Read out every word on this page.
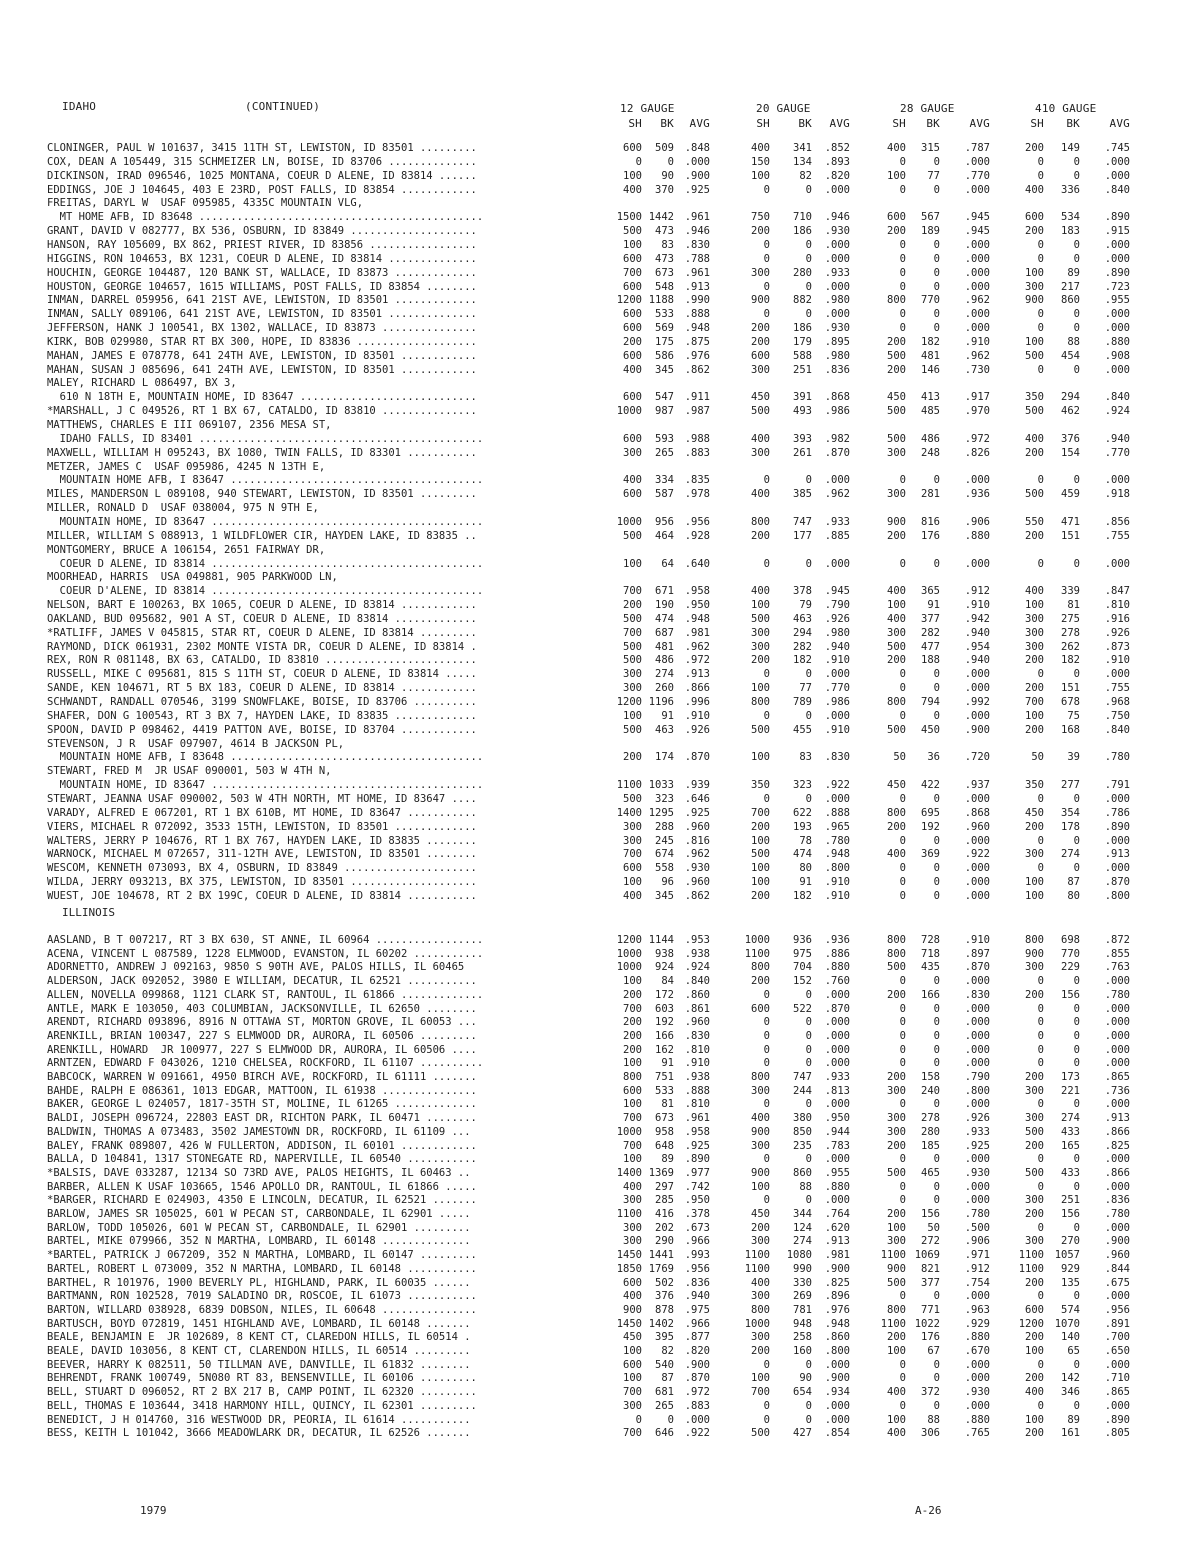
IDAHO	(CONTINUED)	12 GAUGE	20 GAUGE	28 GAUGE	410 GAUGE
SH	BK	AVG	SH	BK	AVG	SH	BK	AVG	SH	BK	AVG
CLONINGER, PAUL W 101637, 3415 11TH ST, LEWISTON, ID 83501 .........	600	509	.848	400	341	.852	400	315	.787	200	149	.745
COX, DEAN A 105449, 315 SCHMEIZER LN, BOISE, ID 83706 ..............	0	0	.000	150	134	.893	0	0	.000	0	0	.000
DICKINSON, IRAD 096546, 1025 MONTANA, COEUR D ALENE, ID 83814 ......	100	90	.900	100	82	.820	100	77	.770	0	0	.000
EDDINGS, JOE J 104645, 403 E 23RD, POST FALLS, ID 83854 ............	400	370	.925	0	0	.000	0	0	.000	400	336	.840
FREITAS, DARYL W  USAF 095985, 4335C MOUNTAIN VLG,
MT HOME AFB, ID 83648 .............................................	1500 1442	.961	750	710	.946	600	567	.945	600	534	.890
GRANT, DAVID V 082777, BX 536, OSBURN, ID 83849 ....................	500	473	.946	200	186	.930	200	189	.945	200	183	.915
HANSON, RAY 105609, BX 862, PRIEST RIVER, ID 83856 .................	100	83	.830	0	0	.000	0	0	.000	0	0	.000
HIGGINS, RON 104653, BX 1231, COEUR D ALENE, ID 83814 ..............	600	473	.788	0	0	.000	0	0	.000	0	0	.000
HOUCHIN, GEORGE 104487, 120 BANK ST, WALLACE, ID 83873 .............	700	673	.961	300	280	.933	0	0	.000	100	89	.890
HOUSTON, GEORGE 104657, 1615 WILLIAMS, POST FALLS, ID 83854 ........	600	548	.913	0	0	.000	0	0	.000	300	217	.723
INMAN, DARREL 059956, 641 21ST AVE, LEWISTON, ID 83501 .............	1200 1188	.990	900	882	.980	800	770	.962	900	860	.955
INMAN, SALLY 089106, 641 21ST AVE, LEWISTON, ID 83501 ..............	600	533	.888	0	0	.000	0	0	.000	0	0	.000
JEFFERSON, HANK J 100541, BX 1302, WALLACE, ID 83873 ...............	600	569	.948	200	186	.930	0	0	.000	0	0	.000
KIRK, BOB 029980, STAR RT BX 300, HOPE, ID 83836 ...................	200	175	.875	200	179	.895	200	182	.910	100	88	.880
MAHAN, JAMES E 078778, 641 24TH AVE, LEWISTON, ID 83501 ............	600	586	.976	600	588	.980	500	481	.962	500	454	.908
MAHAN, SUSAN J 085696, 641 24TH AVE, LEWISTON, ID 83501 ............	400	345	.862	300	251	.836	200	146	.730	0	0	.000
MALEY, RICHARD L 086497, BX 3,
610 N 18TH E, MOUNTAIN HOME, ID 83647 ............................	600	547	.911	450	391	.868	450	413	.917	350	294	.840
*MARSHALL, J C 049526, RT 1 BX 67, CATALDO, ID 83810 ...............	1000	987	.987	500	493	.986	500	485	.970	500	462	.924
MATTHEWS, CHARLES E III 069107, 2356 MESA ST,
IDAHO FALLS, ID 83401 .............................................	600	593	.988	400	393	.982	500	486	.972	400	376	.940
MAXWELL, WILLIAM H 095243, BX 1080, TWIN FALLS, ID 83301 ...........	300	265	.883	300	261	.870	300	248	.826	200	154	.770
METZER, JAMES C  USAF 095986, 4245 N 13TH E,
MOUNTAIN HOME AFB, I 83647 ........................................	400	334	.835	0	0	.000	0	0	.000	0	0	.000
MILES, MANDERSON L 089108, 940 STEWART, LEWISTON, ID 83501 .........	600	587	.978	400	385	.962	300	281	.936	500	459	.918
MILLER, RONALD D  USAF 038004, 975 N 9TH E,
MOUNTAIN HOME, ID 83647 ...........................................	1000	956	.956	800	747	.933	900	816	.906	550	471	.856
MILLER, WILLIAM S 088913, 1 WILDFLOWER CIR, HAYDEN LAKE, ID 83835 ..	500	464	.928	200	177	.885	200	176	.880	200	151	.755
MONTGOMERY, BRUCE A 106154, 2651 FAIRWAY DR,
COEUR D ALENE, ID 83814 ...........................................	100	64	.640	0	0	.000	0	0	.000	0	0	.000
MOORHEAD, HARRIS  USA 049881, 905 PARKWOOD LN,
COEUR D'ALENE, ID 83814 ...........................................	700	671	.958	400	378	.945	400	365	.912	400	339	.847
NELSON, BART E 100263, BX 1065, COEUR D ALENE, ID 83814 ............	200	190	.950	100	79	.790	100	91	.910	100	81	.810
OAKLAND, BUD 095682, 901 A ST, COEUR D ALENE, ID 83814 .............	500	474	.948	500	463	.926	400	377	.942	300	275	.916
*RATLIFF, JAMES V 045815, STAR RT, COEUR D ALENE, ID 83814 .........	700	687	.981	300	294	.980	300	282	.940	300	278	.926
RAYMOND, DICK 061931, 2302 MONTE VISTA DR, COEUR D ALENE, ID 83814 .	500	481	.962	300	282	.940	500	477	.954	300	262	.873
REX, RON R 081148, BX 63, CATALDO, ID 83810 ........................	500	486	.972	200	182	.910	200	188	.940	200	182	.910
RUSSELL, MIKE C 095681, 815 S 11TH ST, COEUR D ALENE, ID 83814 .....	300	274	.913	0	0	.000	0	0	.000	0	0	.000
SANDE, KEN 104671, RT 5 BX 183, COEUR D ALENE, ID 83814 ............	300	260	.866	100	77	.770	0	0	.000	200	151	.755
SCHWANDT, RANDALL 070546, 3199 SNOWFLAKE, BOISE, ID 83706 ..........	1200 1196	.996	800	789	.986	800	794	.992	700	678	.968
SHAFER, DON G 100543, RT 3 BX 7, HAYDEN LAKE, ID 83835 .............	100	91	.910	0	0	.000	0	0	.000	100	75	.750
SPOON, DAVID P 098462, 4419 PATTON AVE, BOISE, ID 83704 ............	500	463	.926	500	455	.910	500	450	.900	200	168	.840
STEVENSON, J R  USAF 097907, 4614 B JACKSON PL,
MOUNTAIN HOME AFB, I 83648 ........................................	200	174	.870	100	83	.830	50	36	.720	50	39	.780
STEWART, FRED M  JR USAF 090001, 503 W 4TH N,
MOUNTAIN HOME, ID 83647 ...........................................	1100 1033	.939	350	323	.922	450	422	.937	350	277	.791
STEWART, JEANNA USAF 090002, 503 W 4TH NORTH, MT HOME, ID 83647 ....	500	323	.646	0	0	.000	0	0	.000	0	0	.000
VARADY, ALFRED E 067201, RT 1 BX 610B, MT HOME, ID 83647 ...........	1400 1295	.925	700	622	.888	800	695	.868	450	354	.786
VIERS, MICHAEL R 072092, 3533 15TH, LEWISTON, ID 83501 .............	300	288	.960	200	193	.965	200	192	.960	200	178	.890
WALTERS, JERRY P 104676, RT 1 BX 767, HAYDEN LAKE, ID 83835 ........	300	245	.816	100	78	.780	0	0	.000	0	0	.000
WARNOCK, MICHAEL M 072657, 311-12TH AVE, LEWISTON, ID 83501 ........	700	674	.962	500	474	.948	400	369	.922	300	274	.913
WESCOM, KENNETH 073093, BX 4, OSBURN, ID 83849 .....................	600	558	.930	100	80	.800	0	0	.000	0	0	.000
WILDA, JERRY 093213, BX 375, LEWISTON, ID 83501 ....................	100	96	.960	100	91	.910	0	0	.000	100	87	.870
WUEST, JOE 104678, RT 2 BX 199C, COEUR D ALENE, ID 83814 ...........	400	345	.862	200	182	.910	0	0	.000	100	80	.800
ILLINOIS
AASLAND, B T 007217, RT 3 BX 630, ST ANNE, IL 60964 .................	1200 1144	.953	1000	936	.936	800	728	.910	800	698	.872
ACENA, VINCENT L 087589, 1228 ELMWOOD, EVANSTON, IL 60202 ...........	1000	938	.938	1100	975	.886	800	718	.897	900	770	.855
ADORNETTO, ANDREW J 092163, 9850 S 90TH AVE, PALOS HILLS, IL 60465	1000	924	.924	800	704	.880	500	435	.870	300	229	.763
ALDERSON, JACK 092052, 3980 E WILLIAM, DECATUR, IL 62521 ...........	100	84	.840	200	152	.760	0	0	.000	0	0	.000
ALLEN, NOVELLA 099868, 1121 CLARK ST, RANTOUL, IL 61866 .............	200	172	.860	0	0	.000	200	166	.830	200	156	.780
ANTLE, MARK E 103050, 403 COLUMBIAN, JACKSONVILLE, IL 62650 ........	700	603	.861	600	522	.870	0	0	.000	0	0	.000
ARENDT, RICHARD 093896, 8916 N OTTAWA ST, MORTON GROVE, IL 60053 ...	200	192	.960	0	0	.000	0	0	.000	0	0	.000
ARENKILL, BRIAN 100347, 227 S ELMWOOD DR, AURORA, IL 60506 .........	200	166	.830	0	0	.000	0	0	.000	0	0	.000
ARENKILL, HOWARD  JR 100977, 227 S ELMWOOD DR, AURORA, IL 60506 ....	200	162	.810	0	0	.000	0	0	.000	0	0	.000
ARNTZEN, EDWARD F 043026, 1210 CHELSEA, ROCKFORD, IL 61107 ..........	100	91	.910	0	0	.000	0	0	.000	0	0	.000
BABCOCK, WARREN W 091661, 4950 BIRCH AVE, ROCKFORD, IL 61111 .......	800	751	.938	800	747	.933	200	158	.790	200	173	.865
BAHDE, RALPH E 086361, 1013 EDGAR, MATTOON, IL 61938 ...............	600	533	.888	300	244	.813	300	240	.800	300	221	.736
BAKER, GEORGE L 024057, 1817-35TH ST, MOLINE, IL 61265 .............	100	81	.810	0	0	.000	0	0	.000	0	0	.000
BALDI, JOSEPH 096724, 22803 EAST DR, RICHTON PARK, IL 60471 ........	700	673	.961	400	380	.950	300	278	.926	300	274	.913
BALDWIN, THOMAS A 073483, 3502 JAMESTOWN DR, ROCKFORD, IL 61109 ...	1000	958	.958	900	850	.944	300	280	.933	500	433	.866
BALEY, FRANK 089807, 426 W FULLERTON, ADDISON, IL 60101 ............	700	648	.925	300	235	.783	200	185	.925	200	165	.825
BALLA, D 104841, 1317 STONEGATE RD, NAPERVILLE, IL 60540 ...........	100	89	.890	0	0	.000	0	0	.000	0	0	.000
*BALSIS, DAVE 033287, 12134 SO 73RD AVE, PALOS HEIGHTS, IL 60463 ..	1400 1369	.977	900	860	.955	500	465	.930	500	433	.866
BARBER, ALLEN K USAF 103665, 1546 APOLLO DR, RANTOUL, IL 61866 .....	400	297	.742	100	88	.880	0	0	.000	0	0	.000
*BARGER, RICHARD E 024903, 4350 E LINCOLN, DECATUR, IL 62521 .......	300	285	.950	0	0	.000	0	0	.000	300	251	.836
BARLOW, JAMES SR 105025, 601 W PECAN ST, CARBONDALE, IL 62901 .....	1100	416	.378	450	344	.764	200	156	.780	200	156	.780
BARLOW, TODD 105026, 601 W PECAN ST, CARBONDALE, IL 62901 .........	300	202	.673	200	124	.620	100	50	.500	0	0	.000
BARTEL, MIKE 079966, 352 N MARTHA, LOMBARD, IL 60148 ..............	300	290	.966	300	274	.913	300	272	.906	300	270	.900
*BARTEL, PATRICK J 067209, 352 N MARTHA, LOMBARD, IL 60147 .........	1450 1441	.993	1100	1080	.981	1100 1069	.971	1100	1057	.960
BARTEL, ROBERT L 073009, 352 N MARTHA, LOMBARD, IL 60148 ...........	1850 1769	.956	1100	990	.900	900	821	.912	1100	929	.844
BARTHEL, R 101976, 1900 BEVERLY PL, HIGHLAND, PARK, IL 60035 ......	600	502	.836	400	330	.825	500	377	.754	200	135	.675
BARTMANN, RON 102528, 7019 SALADINO DR, ROSCOE, IL 61073 ...........	400	376	.940	300	269	.896	0	0	.000	0	0	.000
BARTON, WILLARD 038928, 6839 DOBSON, NILES, IL 60648 ...............	900	878	.975	800	781	.976	800	771	.963	600	574	.956
BARTUSCH, BOYD 072819, 1451 HIGHLAND AVE, LOMBARD, IL 60148 .......	1450 1402	.966	1000	948	.948	1100 1022	.929	1200	1070	.891
BEALE, BENJAMIN E  JR 102689, 8 KENT CT, CLAREDON HILLS, IL 60514 .	450	395	.877	300	258	.860	200	176	.880	200	140	.700
BEALE, DAVID 103056, 8 KENT CT, CLARENDON HILLS, IL 60514 .........	100	82	.820	200	160	.800	100	67	.670	100	65	.650
BEEVER, HARRY K 082511, 50 TILLMAN AVE, DANVILLE, IL 61832 ........	600	540	.900	0	0	.000	0	0	.000	0	0	.000
BEHRENDT, FRANK 100749, 5N080 RT 83, BENSENVILLE, IL 60106 .........	100	87	.870	100	90	.900	0	0	.000	200	142	.710
BELL, STUART D 096052, RT 2 BX 217 B, CAMP POINT, IL 62320 .........	700	681	.972	700	654	.934	400	372	.930	400	346	.865
BELL, THOMAS E 103644, 3418 HARMONY HILL, QUINCY, IL 62301 .........	300	265	.883	0	0	.000	0	0	.000	0	0	.000
BENEDICT, J H 014760, 316 WESTWOOD DR, PEORIA, IL 61614 ...........	0	0	.000	0	0	.000	100	88	.880	100	89	.890
BESS, KEITH L 101042, 3666 MEADOWLARK DR, DECATUR, IL 62526 .......	700	646	.922	500	427	.854	400	306	.765	200	161	.805
1979	A-26
